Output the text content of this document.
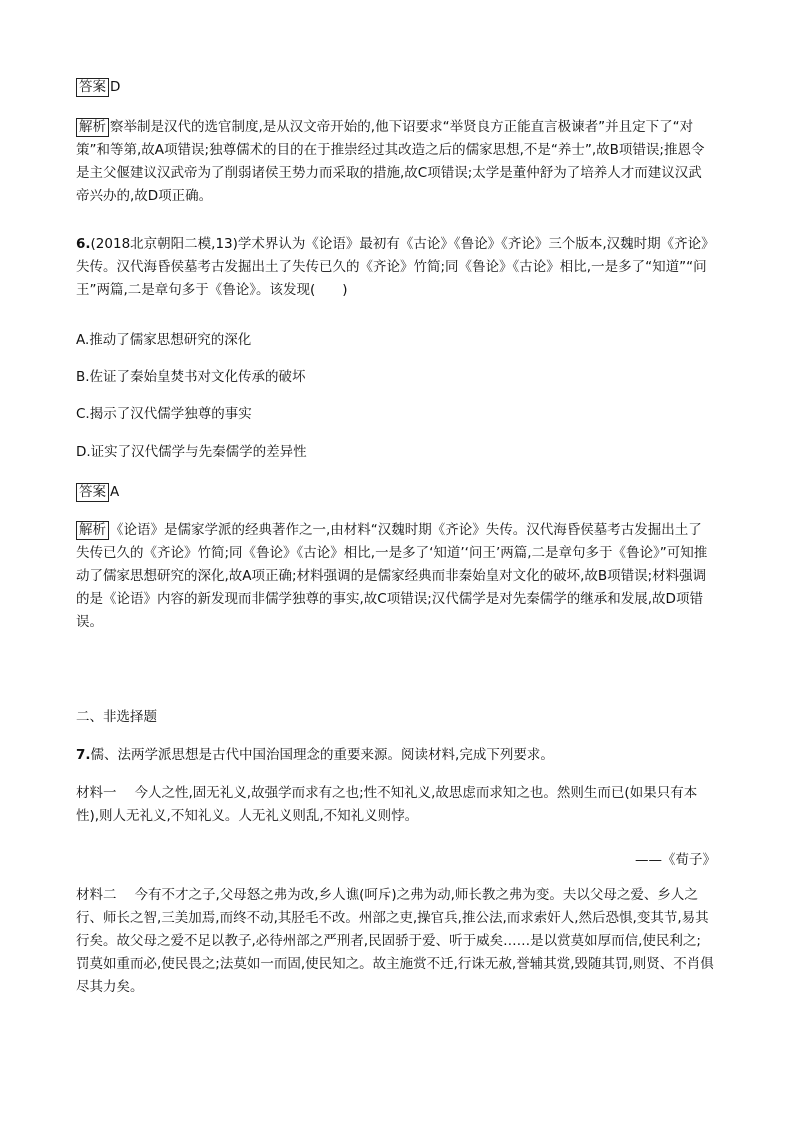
答案 D
解析 察举制是汉代的选官制度,是从汉文帝开始的,他下诏要求“举贤良方正能直言极谏者”并且定下了“对策”和等第,故A项错误;独尊儒术的目的在于推崇经过其改造之后的儒家思想,不是“养士”,故B项错误;推恩令是主父偃建议汉武帝为了削弱诸侯王势力而采取的措施,故C项错误;太学是董仲舒为了培养人才而建议汉武帝兴办的,故D项正确。
6.(2018北京朝阳二模,13)学术界认为《论语》最初有《古论》《鲁论》《齐论》三个版本,汉魏时期《齐论》失传。汉代海昏侯墓考古发掘出土了失传已久的《齐论》竹简;同《鲁论》《古论》相比,一是多了“知道”“问王”两篇,二是章句多于《鲁论》。该发现(　　)
A.推动了儒家思想研究的深化
B.佐证了秦始皇焚书对文化传承的破坏
C.揭示了汉代儒学独尊的事实
D.证实了汉代儒学与先秦儒学的差异性
答案 A
解析 《论语》是儒家学派的经典著作之一,由材料“汉魏时期《齐论》失传。汉代海昏侯墓考古发掘出土了失传已久的《齐论》竹简;同《鲁论》《古论》相比,一是多了‘知道’‘问王’两篇,二是章句多于《鲁论》”可知推动了儒家思想研究的深化,故A项正确;材料强调的是儒家经典而非秦始皇对文化的破坏,故B项错误;材料强调的是《论语》内容的新发现而非儒学独尊的事实,故C项错误;汉代儒学是对先秦儒学的继承和发展,故D项错误。
二、非选择题
7.儒、法两学派思想是古代中国治国理念的重要来源。阅读材料,完成下列要求。
材料一 今人之性,固无礼义,故强学而求有之也;性不知礼义,故思虑而求知之也。然则生而已(如果只有本性),则人无礼义,不知礼义。人无礼义则乱,不知礼义则悖。
——《荀子》
材料二 今有不才之子,父母怒之弗为改,乡人谯(呵斥)之弗为动,师长教之弗为变。夫以父母之爱、乡人之行、师长之智,三美加焉,而终不动,其胫毛不改。州部之吏,操官兵,推公法,而求索奸人,然后恐惧,变其节,易其行矣。故父母之爱不足以教子,必待州部之严刑者,民固骄于爱、听于威矣……是以赏莫如厚而信,使民利之;罚莫如重而必,使民畏之;法莫如一而固,使民知之。故主施赏不迁,行诛无赦,誉辅其赏,毁随其罚,则贤、不肖俱尽其力矣。
